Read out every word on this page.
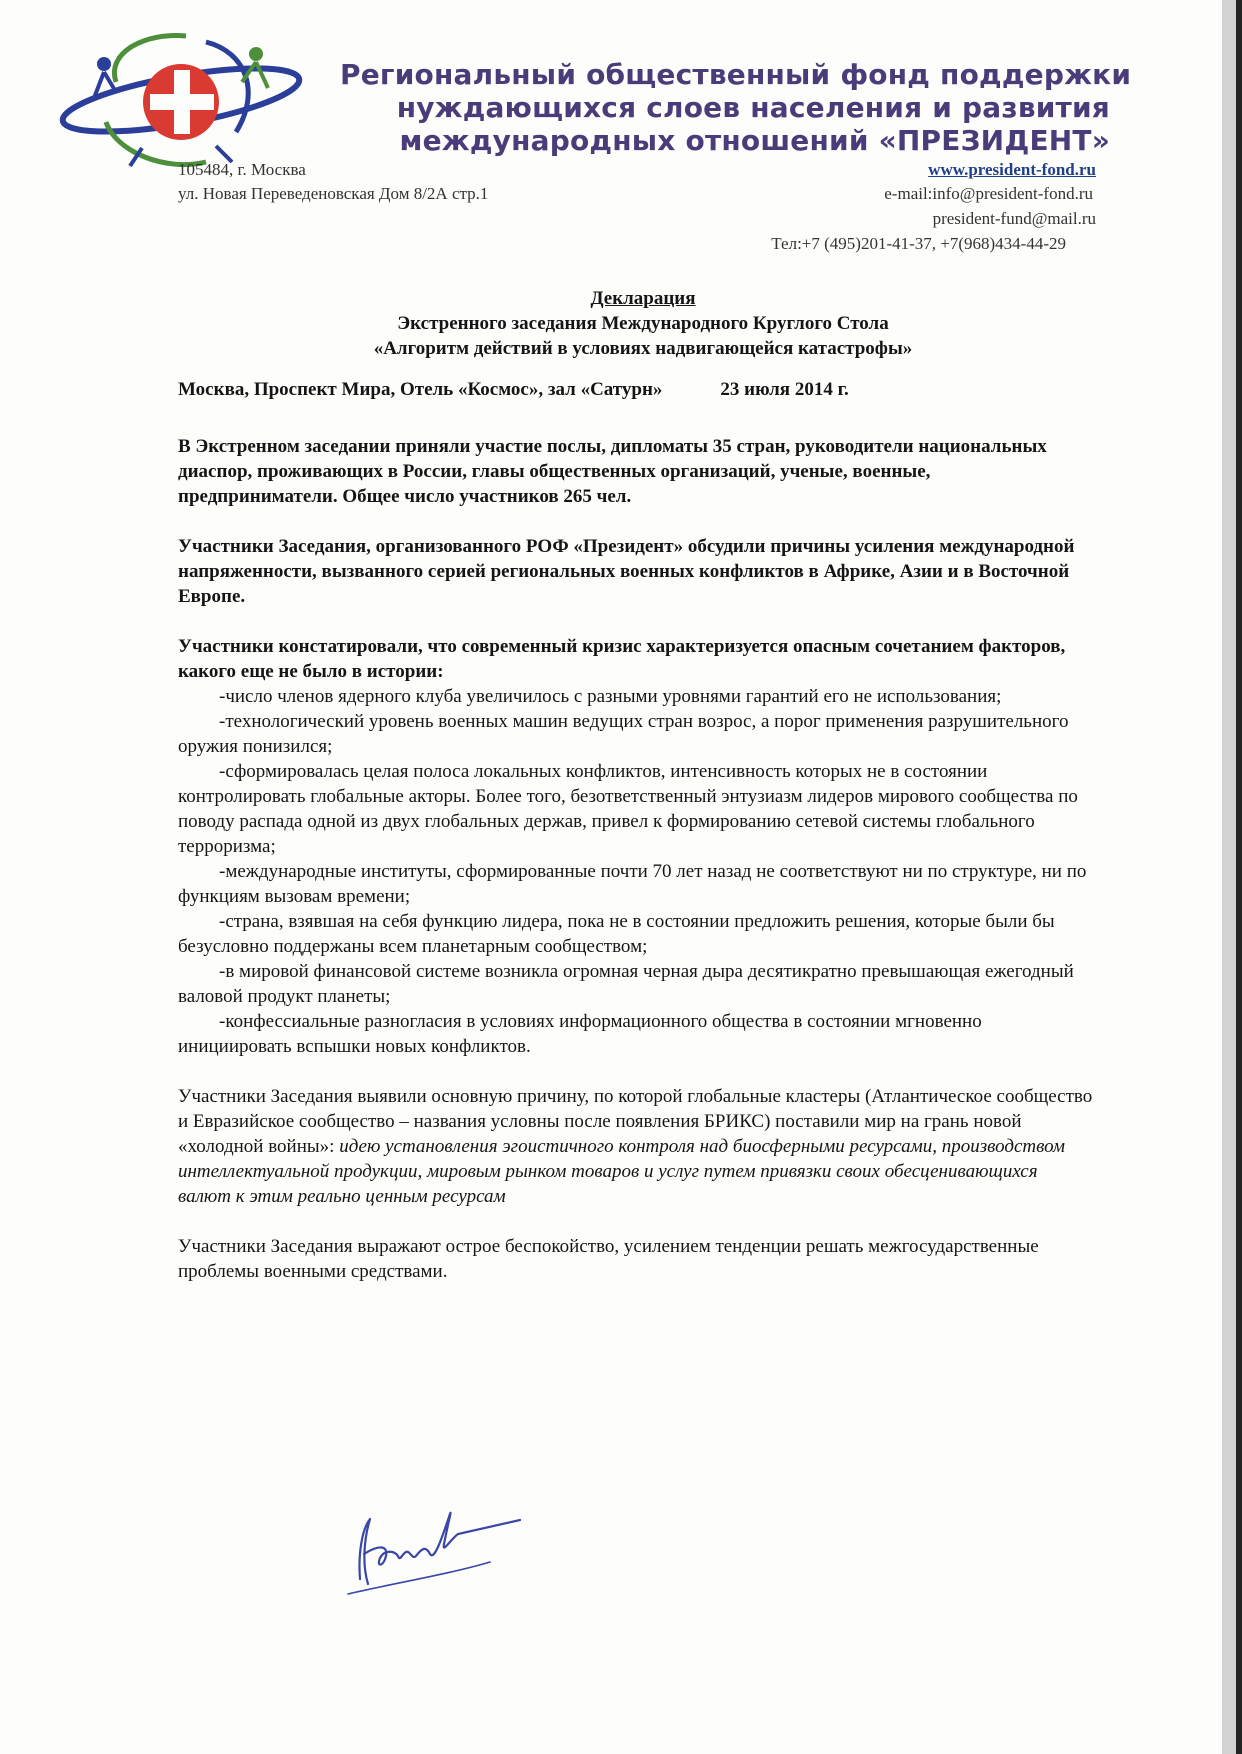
Региональный общественный фонд поддержки
нуждающихся слоев населения и развития
международных отношений «ПРЕЗИДЕНТ»
105484, г. Москва
ул. Новая Переведеновская Дом 8/2А стр.1
www.president-fond.ru
e-mail:info@president-fond.ru
president-fund@mail.ru
Тел:+7 (495)201-41-37, +7(968)434-44-29
Декларация
Экстренного заседания Международного Круглого Стола
«Алгоритм действий в условиях надвигающейся катастрофы»
Москва, Проспект Мира, Отель «Космос», зал «Сатурн»	23 июля 2014 г.

В Экстренном заседании приняли участие послы, дипломаты 35 стран, руководители национальных диаспор, проживающих в России, главы общественных организаций, ученые, военные, предприниматели. Общее число участников 265 чел.

Участники Заседания, организованного РОФ «Президент» обсудили причины усиления международной напряженности, вызванного серией региональных военных конфликтов в Африке, Азии и в Восточной Европе.

Участники констатировали, что современный кризис характеризуется опасным сочетанием факторов, какого еще не было в истории:

-число членов ядерного клуба увеличилось с разными уровнями гарантий его не использования;

-технологический уровень военных машин ведущих стран возрос, а порог применения разрушительного оружия понизился;

-сформировалась целая полоса локальных конфликтов, интенсивность которых не в состоянии контролировать глобальные акторы. Более того, безответственный энтузиазм лидеров мирового сообщества по поводу распада одной из двух глобальных держав, привел к формированию сетевой системы глобального терроризма;

-международные институты, сформированные почти 70 лет назад не соответствуют ни по структуре, ни по функциям вызовам времени;

-страна, взявшая на себя функцию лидера, пока не в состоянии предложить решения, которые были бы безусловно поддержаны всем планетарным сообществом;

-в мировой финансовой системе возникла огромная черная дыра десятикратно превышающая ежегодный валовой продукт планеты;

-конфессиальные разногласия в условиях информационного общества в состоянии мгновенно инициировать вспышки новых конфликтов.

Участники Заседания выявили основную причину, по которой глобальные кластеры (Атлантическое сообщество и Евразийское сообщество – названия условны после появления БРИКС) поставили мир на грань новой «холодной войны»: идею установления эгоистичного контроля над биосферными ресурсами, производством интеллектуальной продукции, мировым рынком товаров и услуг путем привязки своих обесценивающихся валют к этим реально ценным ресурсам

Участники Заседания выражают острое беспокойство, усилением тенденции решать межгосударственные проблемы военными средствами.
